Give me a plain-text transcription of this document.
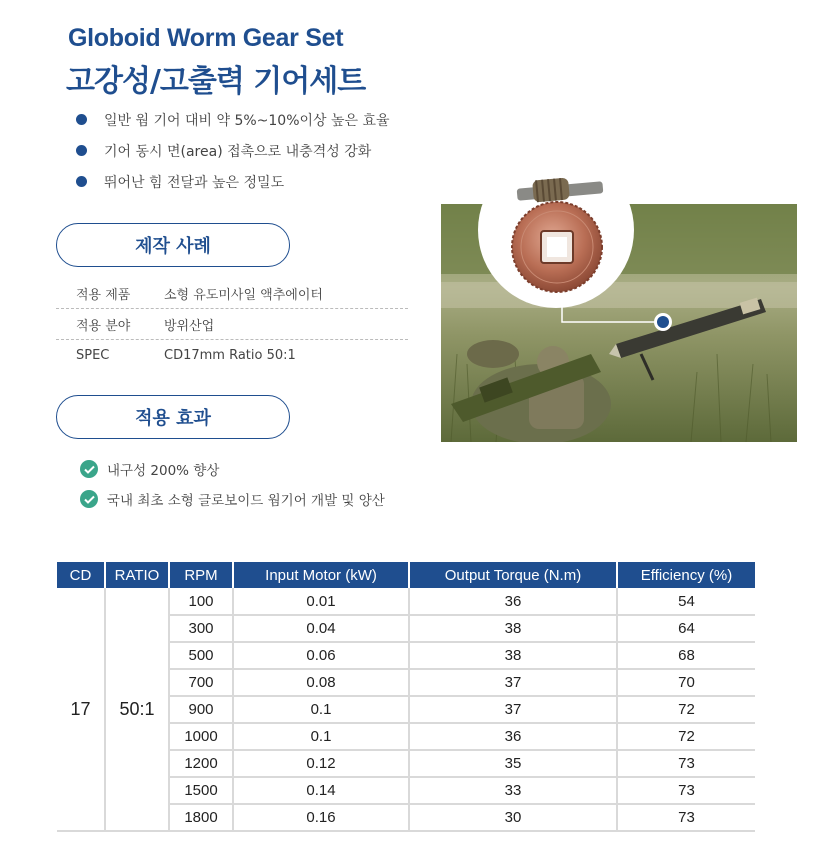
Globoid Worm Gear Set
고강성/고출력 기어세트
일반 웜 기어 대비 약 5%~10%이상 높은 효율
기어 동시 면(area) 접촉으로 내충격성 강화
뛰어난 힘 전달과 높은 정밀도
제작 사례
적용 제품	소형 유도미사일 액추에이터
적용 분야	방위산업
SPEC	CD17mm Ratio 50:1
적용 효과
내구성 200% 향상
국내 최초 소형 글로보이드 웜기어 개발 및 양산
CD	RATIO	RPM	Input Motor (kW)	Output Torque (N.m)	Efficiency (%)
17	50:1	100	0.01	36	54
		300	0.04	38	64
		500	0.06	38	68
		700	0.08	37	70
		900	0.1	37	72
		1000	0.1	36	72
		1200	0.12	35	73
		1500	0.14	33	73
		1800	0.16	30	73
